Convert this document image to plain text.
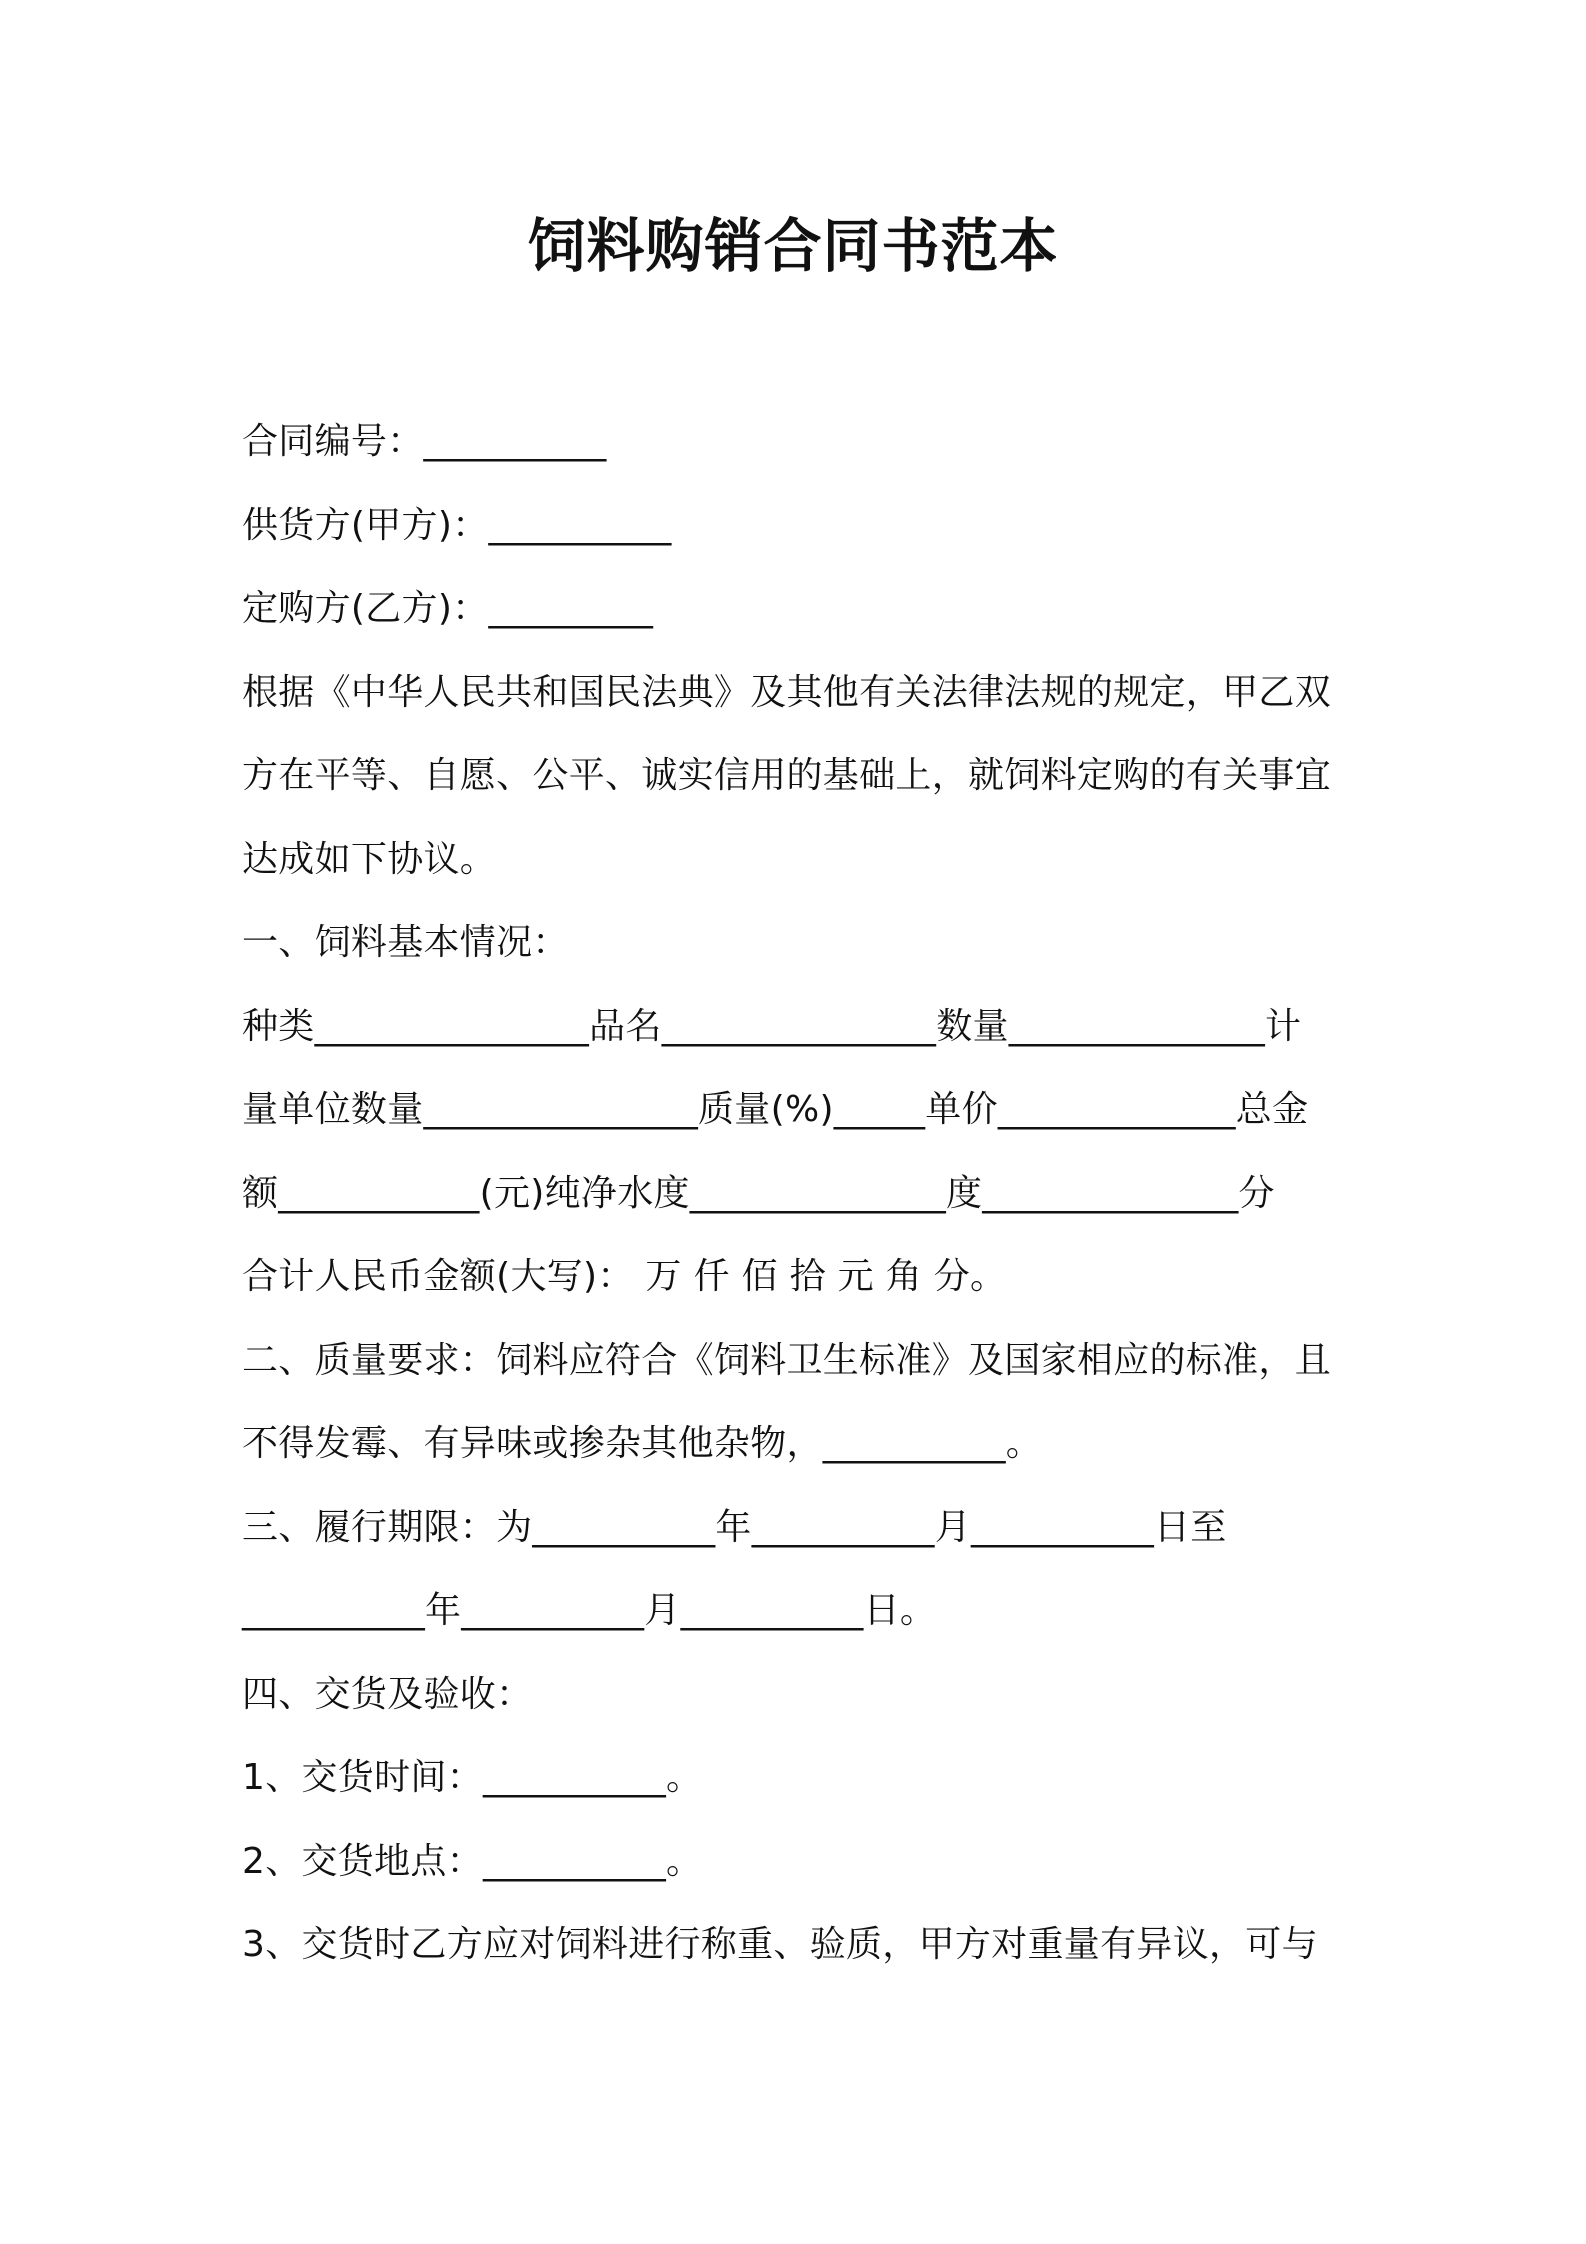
饲料购销合同书范本

合同编号：__________

供货方(甲方)：__________

定购方(乙方)：_________

根据《中华人民共和国民法典》及其他有关法律法规的规定，甲乙双

方在平等、自愿、公平、诚实信用的基础上，就饲料定购的有关事宜

达成如下协议。

一、饲料基本情况：

种类_______________品名_______________数量______________计

量单位数量_______________质量(%)_____单价_____________总金

额___________(元)纯净水度______________度______________分

合计人民币金额(大写)： 万 仟 佰 拾 元 角 分。

二、质量要求：饲料应符合《饲料卫生标准》及国家相应的标准，且

不得发霉、有异味或掺杂其他杂物，__________。

三、履行期限：为__________年__________月__________日至

__________年__________月__________日。

四、交货及验收：

1、交货时间：__________。

2、交货地点：__________。

3、交货时乙方应对饲料进行称重、验质，甲方对重量有异议，可与
